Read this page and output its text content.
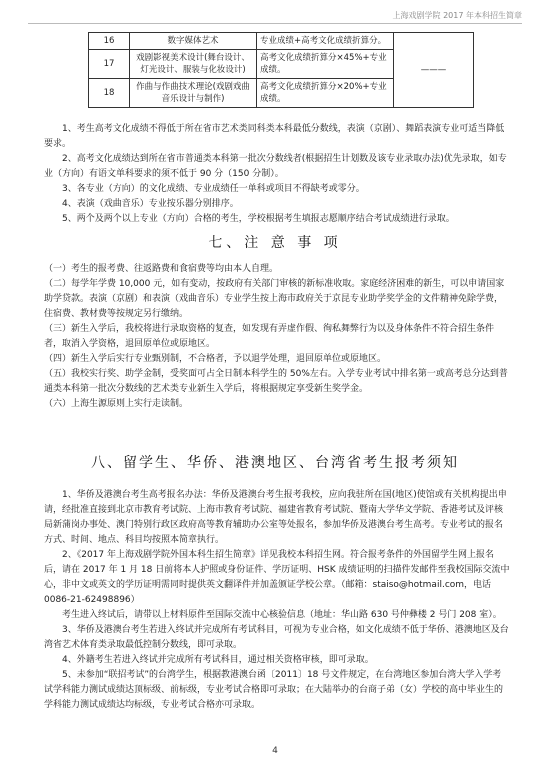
上海戏剧学院 2017 年本科招生简章
16	数字媒体艺术	专业成绩+高考文化成绩折算分。	———
17	戏剧影视美术设计(舞台设计、灯光设计、服装与化妆设计)	高考文化成绩折算分×45%+专业成绩。	
18	作曲与作曲技术理论(戏剧戏曲音乐设计与制作)	高考文化成绩折算分×20%+专业成绩。	

1、考生高考文化成绩不得低于所在省市艺术类同科类本科最低分数线，表演（京剧）、舞蹈表演专业可适当降低要求。

2、高考文化成绩达到所在省市普通类本科第一批次分数线者(根据招生计划数及该专业录取办法)优先录取，如专业（方向）有语文单科要求的须不低于 90 分（150 分制）。

3、各专业（方向）的文化成绩、专业成绩任一单科或项目不得缺考或零分。

4、表演（戏曲音乐）专业按乐器分别排序。

5、两个及两个以上专业（方向）合格的考生，学校根据考生填报志愿顺序结合考试成绩进行录取。

七、注 意 事 项

（一）考生的报考费、往返路费和食宿费等均由本人自理。

（二）每学年学费 10,000 元，如有变动，按政府有关部门审核的新标准收取。家庭经济困难的新生，可以申请国家助学贷款。表演（京剧）和表演（戏曲音乐）专业学生按上海市政府关于京昆专业助学奖学金的文件精神免除学费，住宿费、教材费等按规定另行缴纳。

（三）新生入学后，我校将进行录取资格的复查，如发现有弄虚作假、徇私舞弊行为以及身体条件不符合招生条件者，取消入学资格，退回原单位或原地区。

（四）新生入学后实行专业甄别制，不合格者，予以退学处理，退回原单位或原地区。

（五）我校实行奖、助学金制，受奖面可占全日制本科学生的 50%左右。入学专业考试中排名第一或高考总分达到普通类本科第一批次分数线的艺术类专业新生入学后，将根据规定享受新生奖学金。

（六）上海生源原则上实行走读制。

八、留学生、华侨、港澳地区、台湾省考生报考须知

1、华侨及港澳台考生高考报名办法：华侨及港澳台考生报考我校，应向我驻所在国(地区)使馆或有关机构提出申请，经批准直接到北京市教育考试院、上海市教育考试院、福建省教育考试院、暨南大学华文学院、香港考试及评核局新蒲岗办事处、澳门特别行政区政府高等教育辅助办公室等处报名，参加华侨及港澳台考生高考。专业考试的报名方式、时间、地点、科目均按照本简章执行。

2、《2017 年上海戏剧学院外国本科生招生简章》详见我校本科招生网。符合报考条件的外国留学生网上报名后，请在 2017 年 1 月 18 日前将本人护照或身份证件、学历证明、HSK 成绩证明的扫描件发邮件至我校国际交流中心，非中文或英文的学历证明需同时提供英文翻译件并加盖颁证学校公章。（邮箱：staiso@hotmail.com，电话 0086-21-62498896）

考生进入终试后，请带以上材料原件至国际交流中心核验信息（地址：华山路 630 号仲彝楼 2 号门 208 室）。

3、华侨及港澳台考生若进入终试并完成所有考试科目，可视为专业合格，如文化成绩不低于华侨、港澳地区及台湾省艺术体育类录取最低控制分数线，即可录取。

4、外籍考生若进入终试并完成所有考试科目，通过相关资格审核，即可录取。

5、未参加“联招考试”的台湾学生，根据教港澳台函〔2011〕18 号文件规定，在台湾地区参加台湾大学入学考试学科能力测试成绩达顶标级、前标级，专业考试合格即可录取；在大陆举办的台商子弟（女）学校的高中毕业生的学科能力测试成绩达均标级，专业考试合格亦可录取。

4
